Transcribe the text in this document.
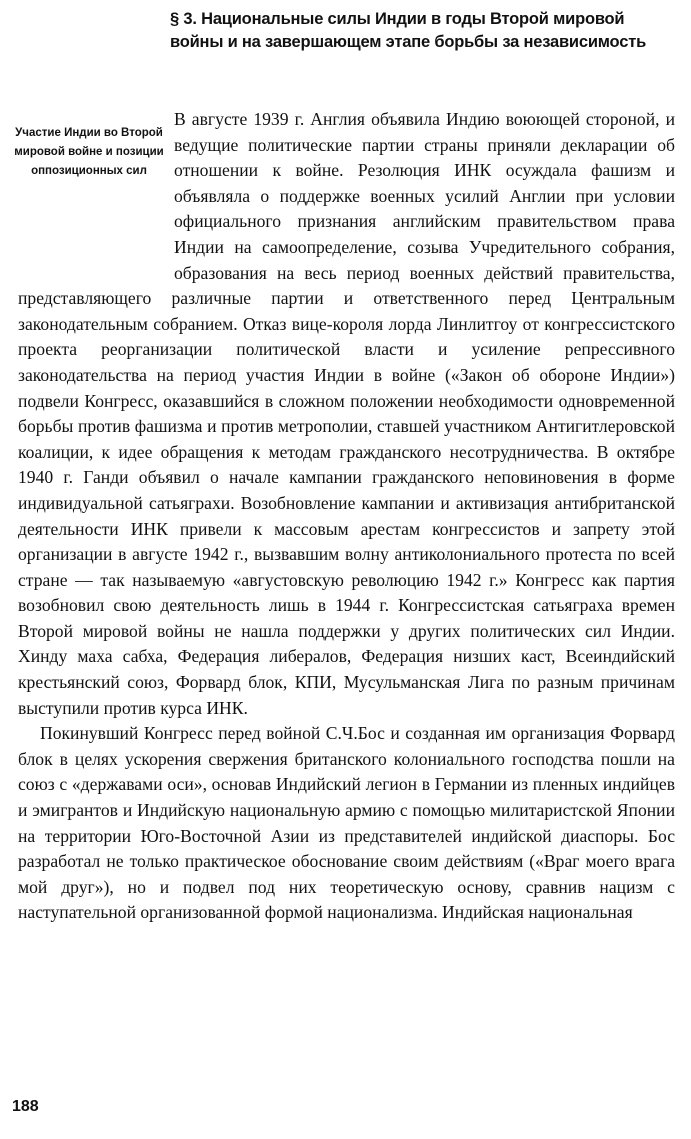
§ 3. Национальные силы Индии в годы Второй мировой войны и на завершающем этапе борьбы за независимость

Участие Индии во Второй мировой войне и позиции оппозиционных сил

В августе 1939 г. Англия объявила Индию воюющей стороной, и ведущие политические партии страны приняли декларации об отношении к войне. Резолюция ИНК осуждала фашизм и объявляла о поддержке военных усилий Англии при условии официального признания английским правительством права Индии на самоопределение, созыва Учредительного собрания, образования на весь период военных действий правительства, представляющего различные партии и ответственного перед Центральным законодательным собранием. Отказ вице-короля лорда Линлитгоу от конгрессистского проекта реорганизации политической власти и усиление репрессивного законодательства на период участия Индии в войне («Закон об обороне Индии») подвели Конгресс, оказавшийся в сложном положении необходимости одновременной борьбы против фашизма и против метрополии, ставшей участником Антигитлеровской коалиции, к идее обращения к методам гражданского несотрудничества. В октябре 1940 г. Ганди объявил о начале кампании гражданского неповиновения в форме индивидуальной сатьяграхи. Возобновление кампании и активизация антибританской деятельности ИНК привели к массовым арестам конгрессистов и запрету этой организации в августе 1942 г., вызвавшим волну антиколониального протеста по всей стране — так называемую «августовскую революцию 1942 г.» Конгресс как партия возобновил свою деятельность лишь в 1944 г. Конгрессистская сатьяграха времен Второй мировой войны не нашла поддержки у других политических сил Индии. Хинду маха сабха, Федерация либералов, Федерация низших каст, Всеиндийский крестьянский союз, Форвард блок, КПИ, Мусульманская Лига по разным причинам выступили против курса ИНК.

Покинувший Конгресс перед войной С.Ч.Бос и созданная им организация Форвард блок в целях ускорения свержения британского колониального господства пошли на союз с «державами оси», основав Индийский легион в Германии из пленных индийцев и эмигрантов и Индийскую национальную армию с помощью милитаристской Японии на территории Юго-Восточной Азии из представителей индийской диаспоры. Бос разработал не только практическое обоснование своим действиям («Враг моего врага мой друг»), но и подвел под них теоретическую основу, сравнив нацизм с наступательной организованной формой национализма. Индийская национальная

188
